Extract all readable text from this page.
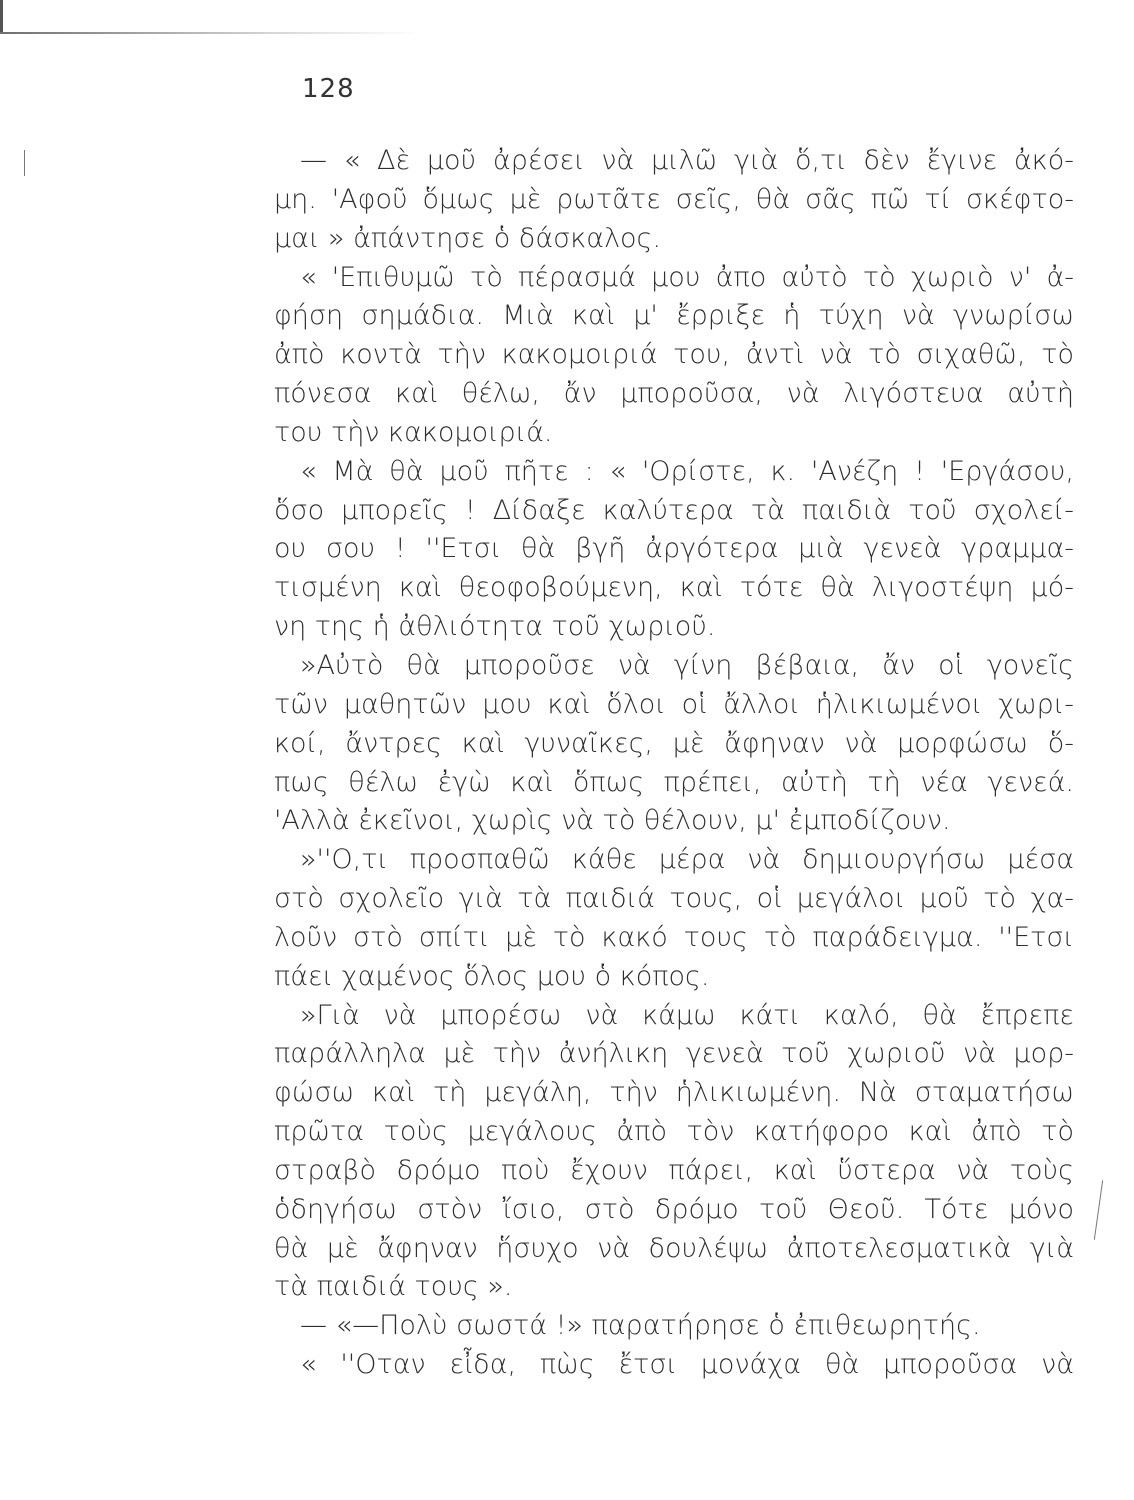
128
— « Δὲ μοῦ ἀρέσει νὰ μιλῶ γιὰ ὅ,τι δὲν ἔγινε ἀκό-
μη. 'Αφοῦ ὅμως μὲ ρωτᾶτε σεῖς, θὰ σᾶς πῶ τί σκέφτο-
μαι » ἀπάντησε ὁ δάσκαλος.
« 'Επιθυμῶ τὸ πέρασμά μου ἀπο αὐτὸ τὸ χωριὸ ν' ἀ-
φήση σημάδια. Μιὰ καὶ μ' ἔρριξε ἡ τύχη νὰ γνωρίσω
ἀπὸ κοντὰ τὴν κακομοιριά του, ἀντὶ νὰ τὸ σιχαθῶ, τὸ
πόνεσα καὶ θέλω, ἄν μποροῦσα, νὰ λιγόστευα αὐτὴ
του τὴν κακομοιριά.
« Μὰ θὰ μοῦ πῆτε : « 'Ορίστε, κ. 'Ανέζη ! 'Εργάσου,
ὅσο μπορεῖς ! Δίδαξε καλύτερα τὰ παιδιὰ τοῦ σχολεί-
ου σου ! ''Ετσι θὰ βγῆ ἀργότερα μιὰ γενεὰ γραμμα-
τισμένη καὶ θεοφοβούμενη, καὶ τότε θὰ λιγοστέψη μό-
νη της ἡ ἀθλιότητα τοῦ χωριοῦ.
»Αὐτὸ θὰ μποροῦσε νὰ γίνη βέβαια, ἄν οἱ γονεῖς
τῶν μαθητῶν μου καὶ ὅλοι οἱ ἄλλοι ἡλικιωμένοι χωρι-
κοί, ἄντρες καὶ γυναῖκες, μὲ ἄφηναν νὰ μορφώσω ὅ-
πως θέλω ἐγὼ καὶ ὅπως πρέπει, αὐτὴ τὴ νέα γενεά.
'Αλλὰ ἐκεῖνοι, χωρὶς νὰ τὸ θέλουν, μ' ἐμποδίζουν.
»''Ο,τι προσπαθῶ κάθε μέρα νὰ δημιουργήσω μέσα
στὸ σχολεῖο γιὰ τὰ παιδιά τους, οἱ μεγάλοι μοῦ τὸ χα-
λοῦν στὸ σπίτι μὲ τὸ κακό τους τὸ παράδειγμα. ''Ετσι
πάει χαμένος ὅλος μου ὁ κόπος.
»Γιὰ νὰ μπορέσω νὰ κάμω κάτι καλό, θὰ ἔπρεπε
παράλληλα μὲ τὴν ἀνήλικη γενεὰ τοῦ χωριοῦ νὰ μορ-
φώσω καὶ τὴ μεγάλη, τὴν ἡλικιωμένη. Νὰ σταματήσω
πρῶτα τοὺς μεγάλους ἀπὸ τὸν κατήφορο καὶ ἀπὸ τὸ
στραβὸ δρόμο ποὺ ἔχουν πάρει, καὶ ὕστερα νὰ τοὺς
ὁδηγήσω στὸν ἴσιο, στὸ δρόμο τοῦ Θεοῦ. Τότε μόνο
θὰ μὲ ἄφηναν ἥσυχο νὰ δουλέψω ἀποτελεσματικὰ γιὰ
τὰ παιδιά τους ».
— «—Πολὺ σωστά !» παρατήρησε ὁ ἐπιθεωρητής.
« ''Οταν εἶδα, πὼς ἔτσι μονάχα θὰ μποροῦσα νὰ
